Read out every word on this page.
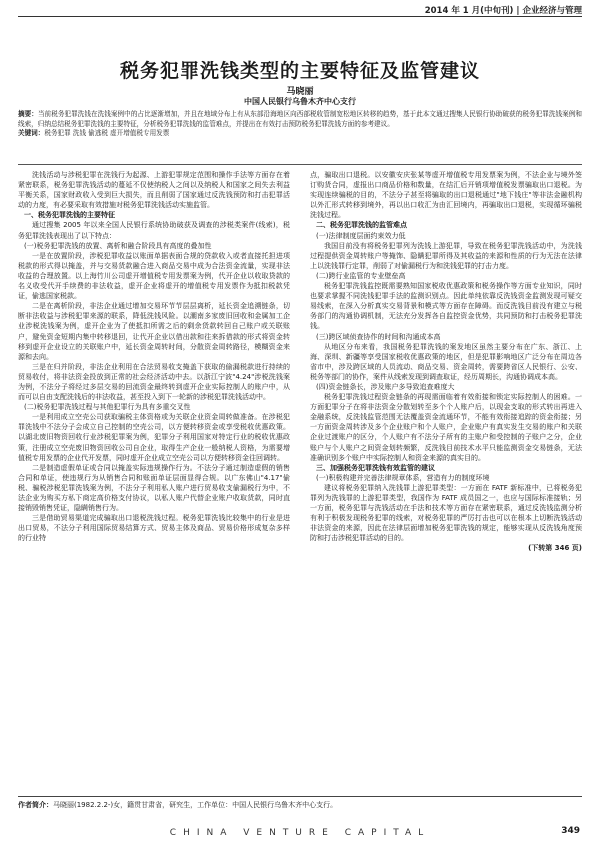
2014 年 1 月(中旬刊) | 企业经济与管理
税务犯罪洗钱类型的主要特征及监管建议
马晓丽
中国人民银行乌鲁木齐中心支行
摘要：当前税务犯罪洗钱在洗钱案例中的占比逐渐增加，并且在地域分布上有从东部沿海地区向西部税收管制宽松地区转移的趋势，基于此本文通过搜集人民银行协助破获的税务犯罪洗钱案例和线索，归纳总结税务犯罪洗钱的主要特征，分析税务犯罪洗钱的监管难点，并提出在有效打击预防税务犯罪洗钱方面的参考建议。
关键词：税务犯罪 洗钱 偷逃税 虚开增值税专用发票

洗钱活动与涉税犯罪在洗钱行为起源、上游犯罪规定范围和操作手法等方面存在着紧密联系，税务犯罪洗钱活动的蔓延不仅使纳税人之间以及纳税人和国家之间失去利益平衡关系，国家财政收入受到巨大损失，而且削弱了国家通过反洗钱预防和打击犯罪活动的力度，有必要采取有效措施对税务犯罪洗钱活动实施监管。

一、税务犯罪洗钱的主要特征

通过搜集 2005 年以来全国人民银行系统协助破获及调查的涉税类案件(线索)，税务犯罪洗钱表现出了以下特点：

(一)税务犯罪洗钱的放置、离析和融合阶段具有高度的叠加性

一是在放置阶段，涉税犯罪收益以账面单据表面合规的贷款收入或者直接托担进项税款的形式得以掩盖，并与交易货款融合进入商品交易中成为合法资金流量，实现非法收益的合理放置。以上海竹川公司虚开增值税专用发票案为例，代开企业以收取贷款的名义收受代开手续费的非法收益，虚开企业将虚开的增值税专用发票作为抵扣税款凭证，偷逃国家税款。

二是在离析阶段，非法企业通过增加交易环节节层层离析，延长资金追溯链条，切断非法收益与涉税犯罪来源的联系，降低洗钱风险。以潮南多家废旧回收和金属加工企业涉税洗钱案为例，虚开企业为了使抵扣所需之后的剩余货款转回自己账户或关联账户，避免资金短期内集中转移退回，让代开企业以借出款和往来拆借款的形式将资金转移到虚开企业设立的关联账户中，延长资金周转时间，分散资金周转路径，模糊资金来源和去向。

三是在归并阶段，非法企业利用在合法贸易收支掩盖下获取的偷漏税款进行持续的贸易收付，将非法资金投放到正常的社会经济活动中去。以浙江宁波"4.24"涉税洗钱案为例，不法分子将经过多层交易的回流资金最终转到虚开企业实际控制人的账户中，从而可以自由支配洗钱后的非法收益，甚至投入到下一轮新的涉税犯罪洗钱活动中。

(二)税务犯罪洗钱过程与其他犯罪行为具有多重交叉性

一是利用成立空壳公司获取骗税主体资格或为关联企业资金周转做准备。在涉税犯罪洗钱中不法分子会成立自己控制的空壳公司，以方便转移资金或享受税收优惠政策。以湖北废旧物资回收行业涉税犯罪案为例，犯罪分子利用国家对特定行业的税收优惠政策，注册成立空壳废旧物资回收公司自企业，取得生产企业一般纳税人资格，为需要增值税专用发票的企业代开发票，同时虚开企业成立空壳公司以方便转移资金往回调转。

二是制造虚假单证或合同以掩盖实际违规操作行为。不法分子通过制造虚假的销售合同和单证，使违规行为从销售合同和账面单证层面显得合规。以广东佛山"4.17"偷税、骗税涉税犯罪洗钱案为例，不法分子利用私人账户进行贸易收支偷漏税行为中，不法企业为购买方私下商定高价格支付协议，以私人账户代替企业账户收取货款，同时直接销毁销售凭证，隐瞒销售行为。

三是借助贸易渠道完成骗取出口退税洗钱过程。税务犯罪洗钱比较集中的行业是进出口贸易，不法分子利用国际贸易结算方式、贸易主体及商品、贸易价格形成复杂多样的行业特

点，骗取出口退税。以安徽安庆张某等虚开增值税专用发票案为例，不法企业与境外签订购货合同，虚报出口商品价格和数量，在结汇后开销项增值税发票骗取出口退税。为实现连续骗税的目的，不法分子甚至将骗取的出口退税通过"地下钱庄"等非法金融机构以外汇形式转移到境外，再以出口收汇为由汇回境内，再骗取出口退税，实现循环骗税洗钱过程。

二、税务犯罪洗钱的监管难点

(一)法律制度层面约束效力低

我国目前没有将税务犯罪列为洗钱上游犯罪，导致在税务犯罪洗钱活动中，为洗钱过程提供资金周转账户等掩饰、隐瞒犯罪所得及其收益的来源和性质的行为无法在法律上以洗钱罪行定罪，削弱了对偷漏税行为和洗钱犯罪的打击力度。

(二)跨行业监管的专业壁垒高

税务犯罪洗钱监控既需要熟知国家税收优惠政策和税务操作等方面专业知识，同时也要求掌握不同洗钱犯罪手法的监测识别点。因此单纯依靠反洗钱资金监测发现可疑交易线索，在深入分析真实交易背景和模式等方面存在障碍。而反洗钱目前没有建立与税务部门的沟通协调机制，无法充分发挥各自监控资金优势，共同预防和打击税务犯罪洗钱。

(三)跨区域侦查协作的时间和沟通成本高

从地区分布来看，我国税务犯罪洗钱的案发地区虽然主要分布在广东、浙江、上海、深圳、新疆等享受国家税收优惠政策的地区，但是犯罪影响地区广泛分布在周边各省市中，涉及跨区域的人员流动、商品交易、资金周转，需要跨省区人民银行、公安、税务等部门的协作，案件从线索发现到调查取证，经历周期长，沟通协调成本高。

(四)资金链条长，涉及账户多导致追查难度大

税务犯罪洗钱过程资金链条的再现需面临着有效衔接和锁定实际控制人的困难。一方面犯罪分子在将非法资金分散划转至多个个人账户后，以现金支取的形式转出再进入金融系统，反洗钱监管范围无法覆盖资金流通环节，不能有效衔接追踪的资金衔接；另一方面资金周转涉及多个企业账户和个人账户，企业账户有真实发生交易的账户和关联企业过渡账户的区分，个人账户有不法分子所有的主账户和受控制的子账户之分，企业账户与个人账户之间资金划转频繁，反洗钱目前技术水平只能监测资金交易链条，无法准确识别多个账户中实际控制人和资金来源的真实目的。

三、加强税务犯罪洗钱有效监管的建议

(一)积极构建并完善法律规章体系，营造有力的制度环境

建议将税务犯罪纳入洗钱罪上游犯罪类型：一方面在 FATF 新标准中，已将税务犯罪列为洗钱罪的上游犯罪类型，我国作为 FATF 成员国之一，也应与国际标准接轨；另一方面，税务犯罪与洗钱活动在手法和技术等方面存在紧密联系，通过反洗钱监测分析有利于积极发现税务犯罪的线索，对税务犯罪的严厉打击也可以在根本上切断洗钱活动非法资金的来源，因此在法律层面增加税务犯罪洗钱的规定，能够实现从反洗钱角度预防和打击涉税犯罪活动的目的。

(下转第 346 页)

作者简介：马晓丽(1982.2.2-)女，籍贯甘肃省，研究生，工作单位：中国人民银行乌鲁木齐中心支行。
CHINA VENTURE CAPITAL	349
